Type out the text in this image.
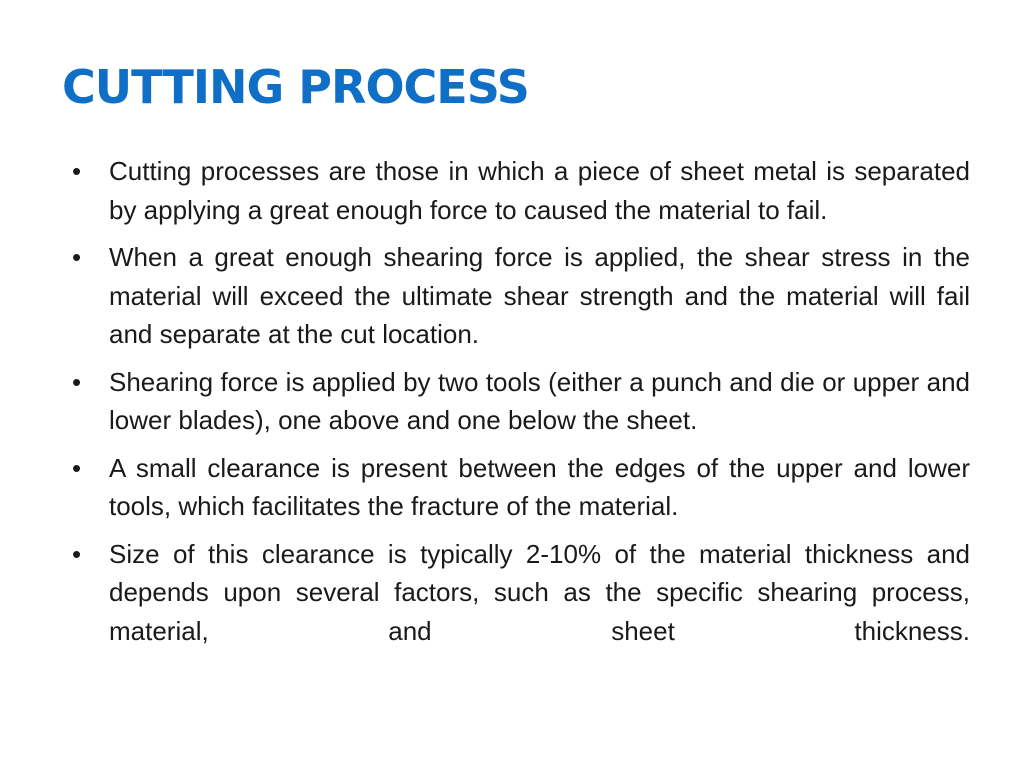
CUTTING PROCESS
•	Cutting processes are those in which a piece of sheet metal is separated by applying a great enough force to caused the material to fail.
•	When a great enough shearing force is applied, the shear stress in the material will exceed the ultimate shear strength and the material will fail and separate at the cut location.
•	Shearing force is applied by two tools (either a punch and die or upper and lower blades), one above and one below the sheet.
•	A small clearance is present between the edges of the upper and lower tools, which facilitates the fracture of the material.
•	Size of this clearance is typically 2-10% of the material thickness and depends upon several factors, such as the specific shearing process, material, and sheet thickness.
